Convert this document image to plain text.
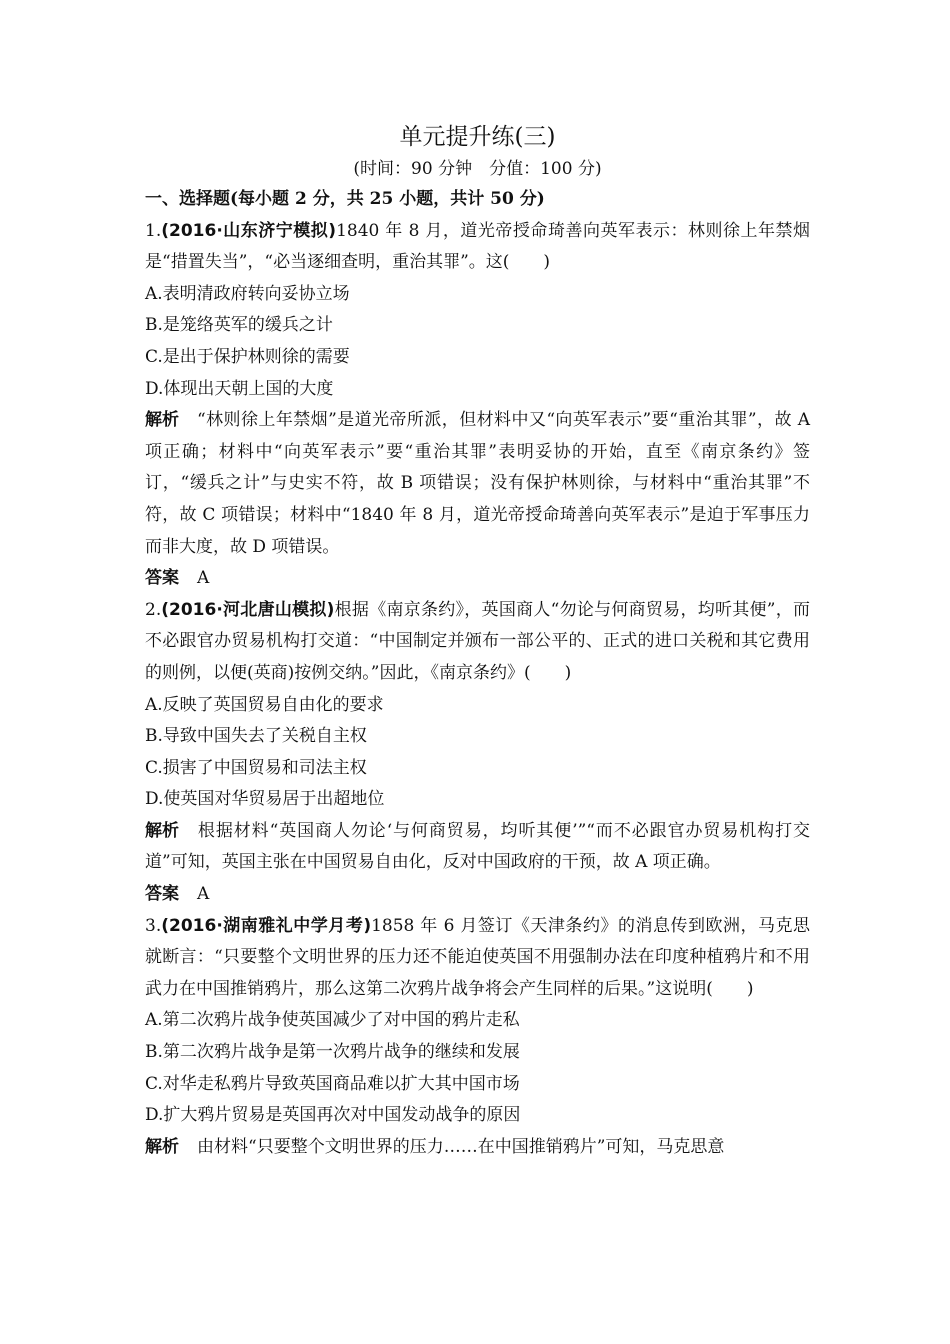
单元提升练(三)
(时间：90 分钟　分值：100 分)
一、选择题(每小题 2 分，共 25 小题，共计 50 分)
1.(2016·山东济宁模拟)1840 年 8 月，道光帝授命琦善向英军表示：林则徐上年禁烟是“措置失当”，“必当逐细查明，重治其罪”。这(　　)
A.表明清政府转向妥协立场
B.是笼络英军的缓兵之计
C.是出于保护林则徐的需要
D.体现出天朝上国的大度
解析 “林则徐上年禁烟”是道光帝所派，但材料中又“向英军表示”要“重治其罪”，故 A 项正确；材料中“向英军表示”要“重治其罪”表明妥协的开始，直至《南京条约》签订，“缓兵之计”与史实不符，故 B 项错误；没有保护林则徐，与材料中“重治其罪”不符，故 C 项错误；材料中“1840 年 8 月，道光帝授命琦善向英军表示”是迫于军事压力而非大度，故 D 项错误。
答案 A
2.(2016·河北唐山模拟)根据《南京条约》，英国商人“勿论与何商贸易，均听其便”，而不必跟官办贸易机构打交道：“中国制定并颁布一部公平的、正式的进口关税和其它费用的则例，以便(英商)按例交纳。”因此，《南京条约》(　　)
A.反映了英国贸易自由化的要求
B.导致中国失去了关税自主权
C.损害了中国贸易和司法主权
D.使英国对华贸易居于出超地位
解析 根据材料“英国商人勿论‘与何商贸易，均听其便’”“而不必跟官办贸易机构打交道”可知，英国主张在中国贸易自由化，反对中国政府的干预，故 A 项正确。
答案 A
3.(2016·湖南雅礼中学月考)1858 年 6 月签订《天津条约》的消息传到欧洲，马克思就断言：“只要整个文明世界的压力还不能迫使英国不用强制办法在印度种植鸦片和不用武力在中国推销鸦片，那么这第二次鸦片战争将会产生同样的后果。”这说明(　　)
A.第二次鸦片战争使英国减少了对中国的鸦片走私
B.第二次鸦片战争是第一次鸦片战争的继续和发展
C.对华走私鸦片导致英国商品难以扩大其中国市场
D.扩大鸦片贸易是英国再次对中国发动战争的原因
解析 由材料“只要整个文明世界的压力……在中国推销鸦片”可知，马克思意
